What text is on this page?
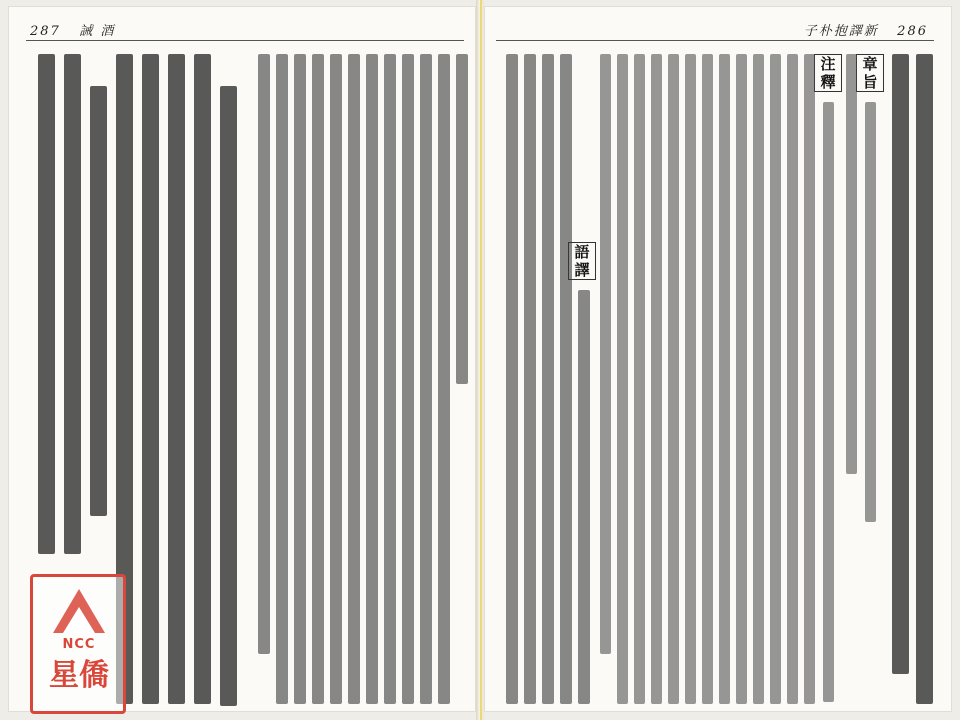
287 誡 酒
NCC
星僑
子朴抱譯新 286
章
旨
注
釋
語
譯
